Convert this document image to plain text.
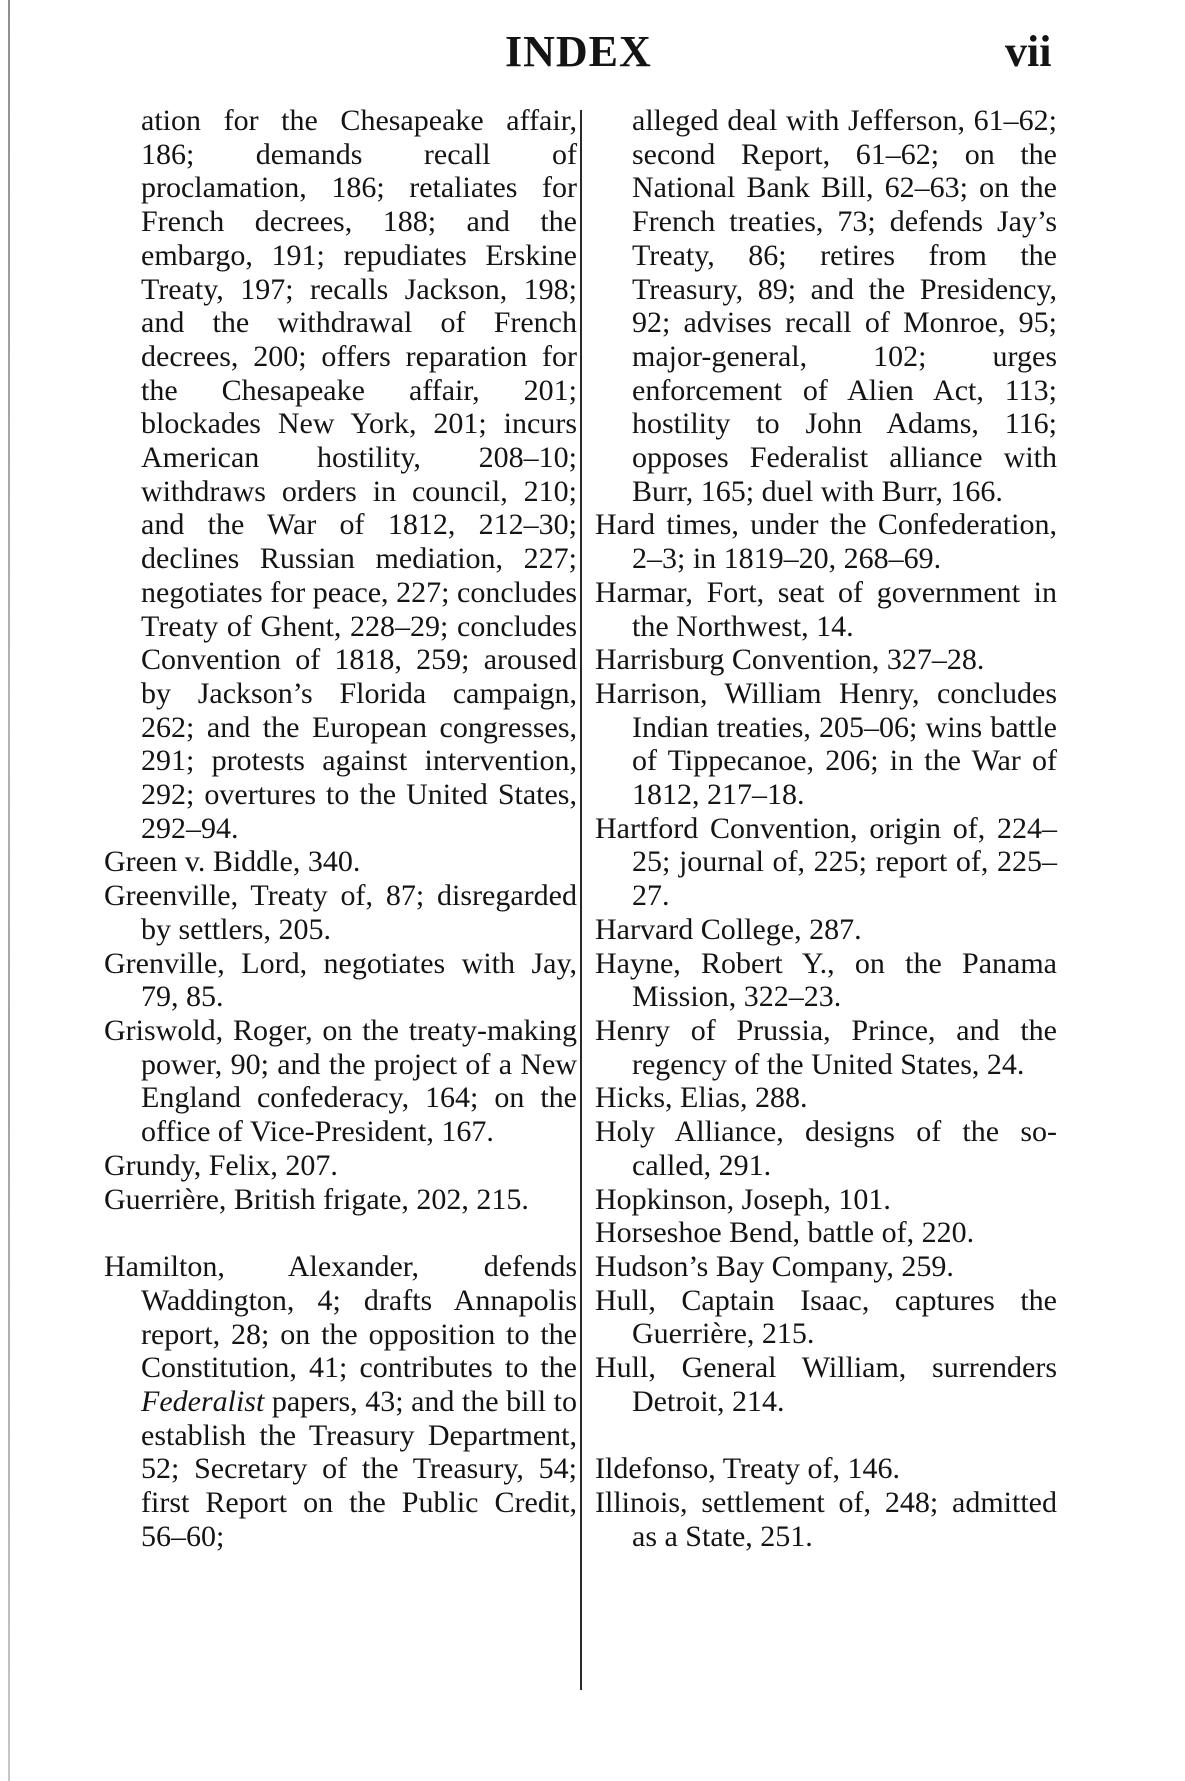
INDEX	vii

ation for the Chesapeake affair, 186; demands recall of proclamation, 186; retaliates for French decrees, 188; and the embargo, 191; repudiates Erskine Treaty, 197; recalls Jackson, 198; and the withdrawal of French decrees, 200; offers reparation for the Chesapeake affair, 201; blockades New York, 201; incurs American hostility, 208–10; withdraws orders in council, 210; and the War of 1812, 212–30; declines Russian mediation, 227; negotiates for peace, 227; concludes Treaty of Ghent, 228–29; concludes Convention of 1818, 259; aroused by Jackson’s Florida campaign, 262; and the European congresses, 291; protests against intervention, 292; overtures to the United States, 292–94.

Green v. Biddle, 340.

Greenville, Treaty of, 87; disregarded by settlers, 205.

Grenville, Lord, negotiates with Jay, 79, 85.

Griswold, Roger, on the treaty-making power, 90; and the project of a New England confederacy, 164; on the office of Vice-President, 167.

Grundy, Felix, 207.

Guerrière, British frigate, 202, 215.

Hamilton, Alexander, defends Waddington, 4; drafts Annapolis report, 28; on the opposition to the Constitution, 41; contributes to the Federalist papers, 43; and the bill to establish the Treasury Department, 52; Secretary of the Treasury, 54; first Report on the Public Credit, 56–60;

alleged deal with Jefferson, 61–62; second Report, 61–62; on the National Bank Bill, 62–63; on the French treaties, 73; defends Jay’s Treaty, 86; retires from the Treasury, 89; and the Presidency, 92; advises recall of Monroe, 95; major-general, 102; urges enforcement of Alien Act, 113; hostility to John Adams, 116; opposes Federalist alliance with Burr, 165; duel with Burr, 166.

Hard times, under the Confederation, 2–3; in 1819–20, 268–69.

Harmar, Fort, seat of government in the Northwest, 14.

Harrisburg Convention, 327–28.

Harrison, William Henry, concludes Indian treaties, 205–06; wins battle of Tippecanoe, 206; in the War of 1812, 217–18.

Hartford Convention, origin of, 224–25; journal of, 225; report of, 225–27.

Harvard College, 287.

Hayne, Robert Y., on the Panama Mission, 322–23.

Henry of Prussia, Prince, and the regency of the United States, 24.

Hicks, Elias, 288.

Holy Alliance, designs of the so-called, 291.

Hopkinson, Joseph, 101.

Horseshoe Bend, battle of, 220.

Hudson’s Bay Company, 259.

Hull, Captain Isaac, captures the Guerrière, 215.

Hull, General William, surrenders Detroit, 214.

Ildefonso, Treaty of, 146.

Illinois, settlement of, 248; admitted as a State, 251.
